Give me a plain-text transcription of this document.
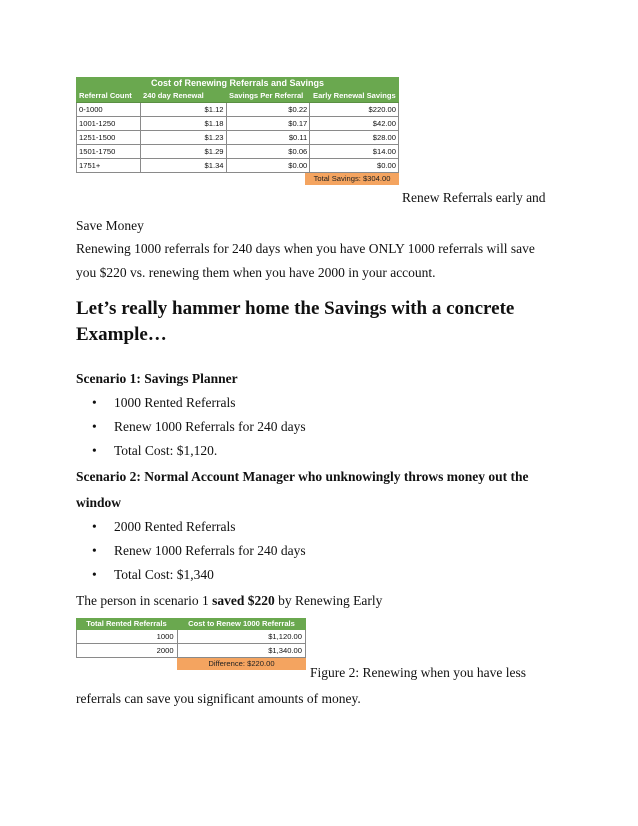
Cost of Renewing Referrals and Savings
Referral Count	240 day Renewal	Savings Per Referral	Early Renewal Savings
0-1000	$1.12	$0.22	$220.00
1001-1250	$1.18	$0.17	$42.00
1251-1500	$1.23	$0.11	$28.00
1501-1750	$1.29	$0.06	$14.00
1751+	$1.34	$0.00	$0.00
Total Savings: $304.00
Renew Referrals early and
Save Money
Renewing 1000 referrals for 240 days when you have ONLY 1000 referrals will save
you $220 vs. renewing them when you have 2000 in your account.
Let’s really hammer home the Savings with a concrete
Example…
Scenario 1: Savings Planner
• 1000 Rented Referrals
• Renew 1000 Referrals for 240 days
• Total Cost: $1,120.
Scenario 2: Normal Account Manager who unknowingly throws money out the
window
• 2000 Rented Referrals
• Renew 1000 Referrals for 240 days
• Total Cost: $1,340
The person in scenario 1 saved $220 by Renewing Early
Total Rented Referrals	Cost to Renew 1000 Referrals
1000	$1,120.00
2000	$1,340.00
Difference: $220.00
Figure 2: Renewing when you have less
referrals can save you significant amounts of money.
